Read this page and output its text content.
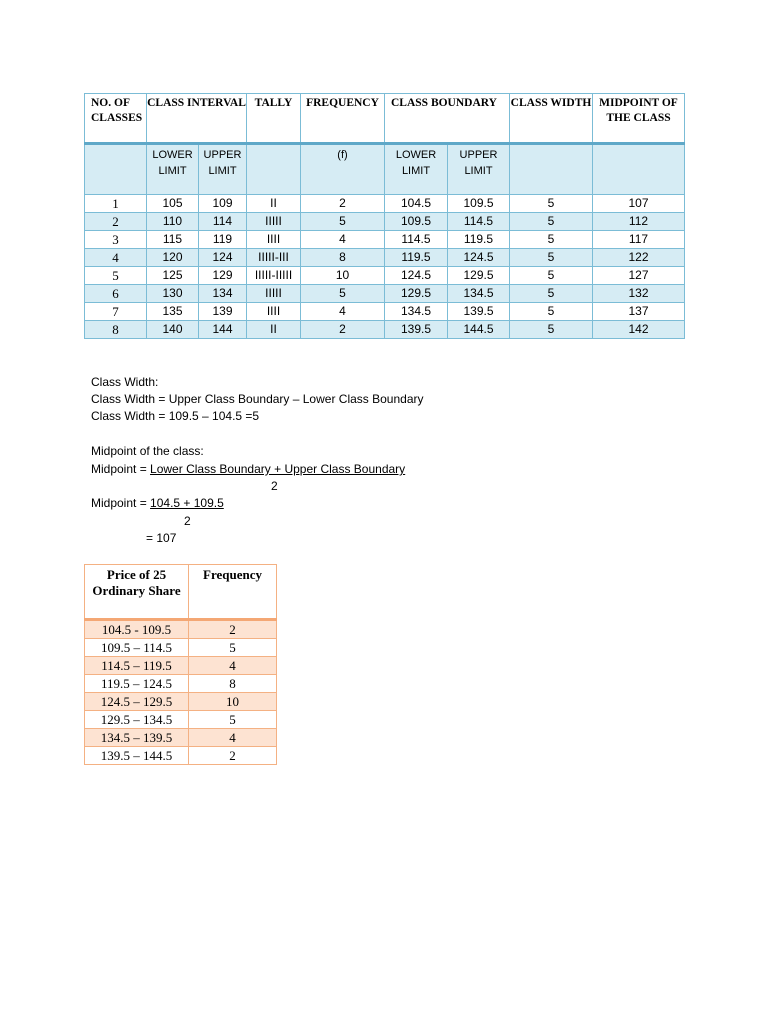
NO. OF CLASSES	CLASS INTERVAL		TALLY	FREQUENCY	CLASS BOUNDARY		CLASS WIDTH	MIDPOINT OF THE CLASS
	LOWER LIMIT	UPPER LIMIT		(f)	LOWER LIMIT	UPPER LIMIT		
1	105	109	II	2	104.5	109.5	5	107
2	110	114	IIIII	5	109.5	114.5	5	112
3	115	119	IIII	4	114.5	119.5	5	117
4	120	124	IIIII-III	8	119.5	124.5	5	122
5	125	129	IIIII-IIIII	10	124.5	129.5	5	127
6	130	134	IIIII	5	129.5	134.5	5	132
7	135	139	IIII	4	134.5	139.5	5	137
8	140	144	II	2	139.5	144.5	5	142
Class Width:
Class Width = Upper Class Boundary – Lower Class Boundary
Class Width = 109.5 – 104.5 =5
Midpoint of the class:
Midpoint = Lower Class Boundary + Upper Class Boundary
2
Midpoint = 104.5 + 109.5
2
= 107
Price of 25 Ordinary Share	Frequency
104.5 - 109.5	2
109.5 – 114.5	5
114.5 – 119.5	4
119.5 – 124.5	8
124.5 – 129.5	10
129.5 – 134.5	5
134.5 – 139.5	4
139.5 – 144.5	2
